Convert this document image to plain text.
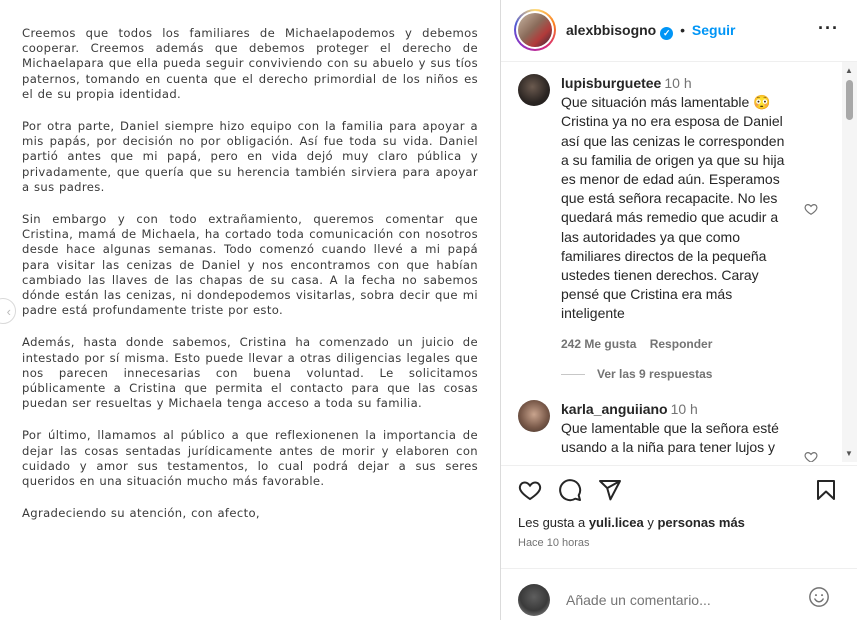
Creemos que todos los familiares de Michaelapodemos y debemos cooperar. Creemos además que debemos proteger el derecho de Michaelapara que ella pueda seguir conviviendo con su abuelo y sus tíos paternos, tomando en cuenta que el derecho primordial de los niños es el de su propia identidad.

Por otra parte, Daniel siempre hizo equipo con la familia para apoyar a mis papás, por decisión no por obligación. Así fue toda su vida. Daniel partió antes que mi papá, pero en vida dejó muy claro pública y privadamente, que quería que su herencia también sirviera para apoyar a sus padres.

Sin embargo y con todo extrañamiento, queremos comentar que Cristina, mamá de Michaela, ha cortado toda comunicación con nosotros desde hace algunas semanas. Todo comenzó cuando llevé a mi papá para visitar las cenizas de Daniel y nos encontramos con que habían cambiado las llaves de las chapas de su casa. A la fecha no sabemos dónde están las cenizas, ni dondepodemos visitarlas, sobra decir que mi padre está profundamente triste por esto.

Además, hasta donde sabemos, Cristina ha comenzado un juicio de intestado por sí misma. Esto puede llevar a otras diligencias legales que nos parecen innecesarias con buena voluntad. Le solicitamos públicamente a Cristina que permita el contacto para que las cosas puedan ser resueltas y Michaela tenga acceso a toda su familia.

Por último, llamamos al público a que reflexionenen la importancia de dejar las cosas sentadas jurídicamente antes de morir y elaboren con cuidado y amor sus testamentos, lo cual podrá dejar a sus seres queridos en una situación mucho más favorable.

Agradeciendo su atención, con afecto,

‹
alexbbisogno ✓ • Seguir	···
lupisburguetee 10 h
Que situación más lamentable 😳 Cristina ya no era esposa de Daniel así que las cenizas le corresponden a su familia de origen ya que su hija es menor de edad aún. Esperamos que está señora recapacite. No les quedará más remedio que acudir a las autoridades ya que como familiares directos de la pequeña ustedes tienen derechos. Caray pensé que Cristina era más inteligente
242 Me gusta Responder
Ver las 9 respuestas
karla_anguiiano 10 h
Que lamentable que la señora esté usando a la niña para tener lujos y
▲
▼
Les gusta a yuli.licea y personas más
Hace 10 horas
Añade un comentario...
